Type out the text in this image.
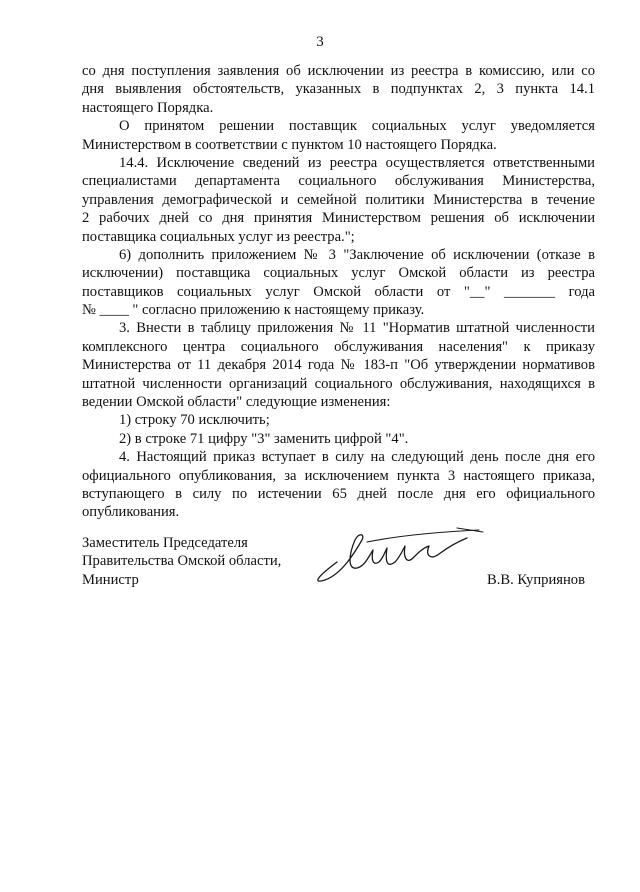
3
со дня поступления заявления об исключении из реестра в комиссию, или со
дня выявления обстоятельств, указанных в подпунктах 2, 3 пункта 14.1
настоящего Порядка.
О принятом решении поставщик социальных услуг уведомляется
Министерством в соответствии с пунктом 10 настоящего Порядка.
14.4. Исключение сведений из реестра осуществляется ответственными
специалистами департамента социального обслуживания Министерства,
управления демографической и семейной политики Министерства в течение
2 рабочих дней со дня принятия Министерством решения об исключении
поставщика социальных услуг из реестра.";
6) дополнить приложением № 3 "Заключение об исключении (отказе в
исключении) поставщика социальных услуг Омской области из реестра
поставщиков социальных услуг Омской области от "__" _______ года
№ ____ " согласно приложению к настоящему приказу.
3. Внести в таблицу приложения № 11 "Норматив штатной численности
комплексного центра социального обслуживания населения" к приказу
Министерства от 11 декабря 2014 года № 183-п "Об утверждении нормативов
штатной численности организаций социального обслуживания, находящихся в
ведении Омской области" следующие изменения:
1) строку 70 исключить;
2) в строке 71 цифру "3" заменить цифрой "4".
4. Настоящий приказ вступает в силу на следующий день после дня его
официального опубликования, за исключением пункта 3 настоящего приказа,
вступающего в силу по истечении 65 дней после дня его официального
опубликования.
Заместитель Председателя
Правительства Омской области,
Министр	В.В. Куприянов
